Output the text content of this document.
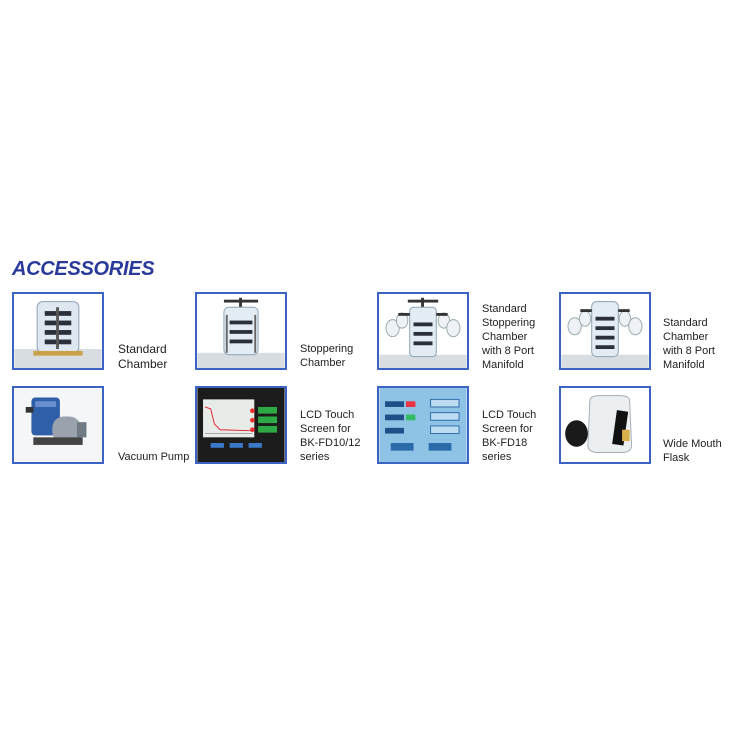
ACCESSORIES
Standard
Chamber
Stoppering
Chamber
Standard
Stoppering
Chamber
with 8 Port
Manifold
Standard
Chamber
with 8 Port
Manifold
Vacuum Pump
LCD Touch
Screen for
BK-FD10/12
series
LCD Touch
Screen for
BK-FD18
series
Wide Mouth
Flask
